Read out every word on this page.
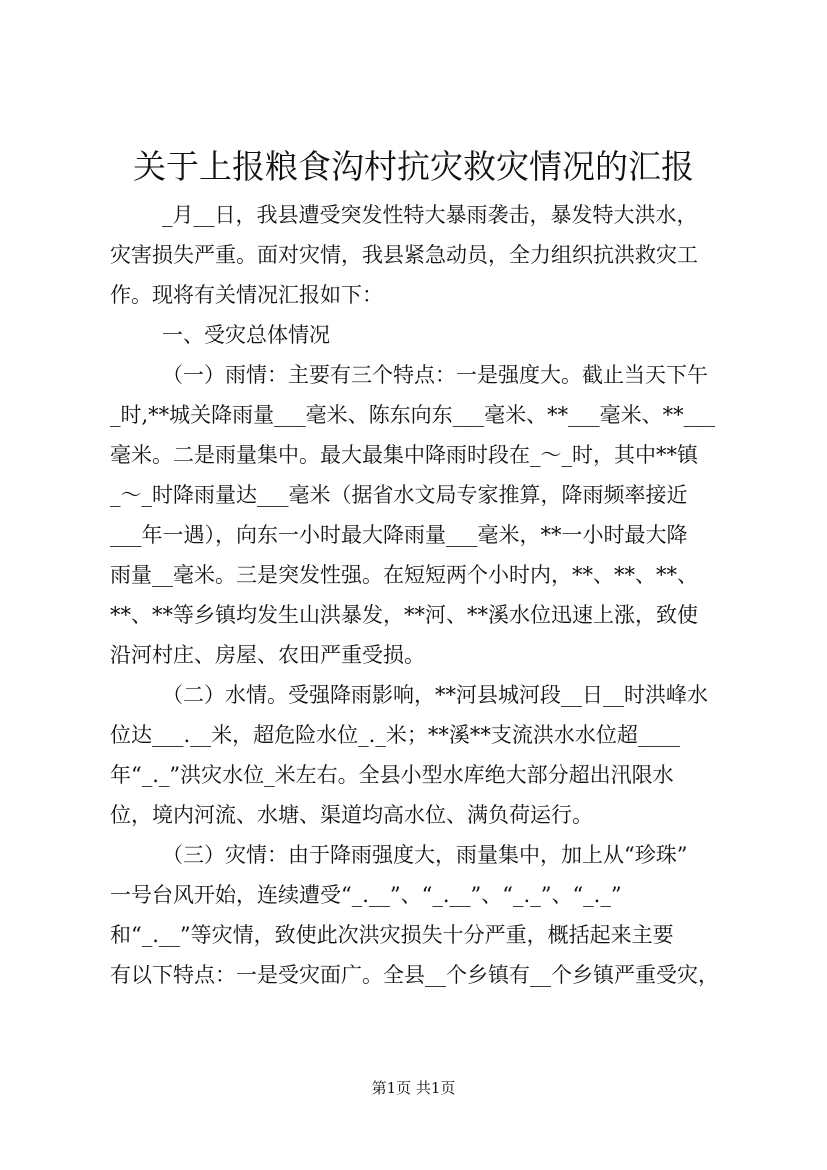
关于上报粮食沟村抗灾救灾情况的汇报
_月__日，我县遭受突发性特大暴雨袭击，暴发特大洪水，
灾害损失严重。面对灾情，我县紧急动员，全力组织抗洪救灾工
作。现将有关情况汇报如下：
一、受灾总体情况
（一）雨情：主要有三个特点：一是强度大。截止当天下午
_时,**城关降雨量___毫米、陈东向东___毫米、**___毫米、**___
毫米。二是雨量集中。最大最集中降雨时段在_～_时，其中**镇
_～_时降雨量达___毫米（据省水文局专家推算，降雨频率接近
___年一遇），向东一小时最大降雨量___毫米，**一小时最大降
雨量__毫米。三是突发性强。在短短两个小时内，**、**、**、
**、**等乡镇均发生山洪暴发，**河、**溪水位迅速上涨，致使
沿河村庄、房屋、农田严重受损。
（二）水情。受强降雨影响，**河县城河段__日__时洪峰水
位达___.__米，超危险水位_._米；**溪**支流洪水水位超____
年“_._”洪灾水位_米左右。全县小型水库绝大部分超出汛限水
位，境内河流、水塘、渠道均高水位、满负荷运行。
（三）灾情：由于降雨强度大，雨量集中，加上从“珍珠”
一号台风开始，连续遭受“_.__”、“_.__”、“_._”、“_._”
和“_.__”等灾情，致使此次洪灾损失十分严重，概括起来主要
有以下特点：一是受灾面广。全县__个乡镇有__个乡镇严重受灾，
第1页 共1页
